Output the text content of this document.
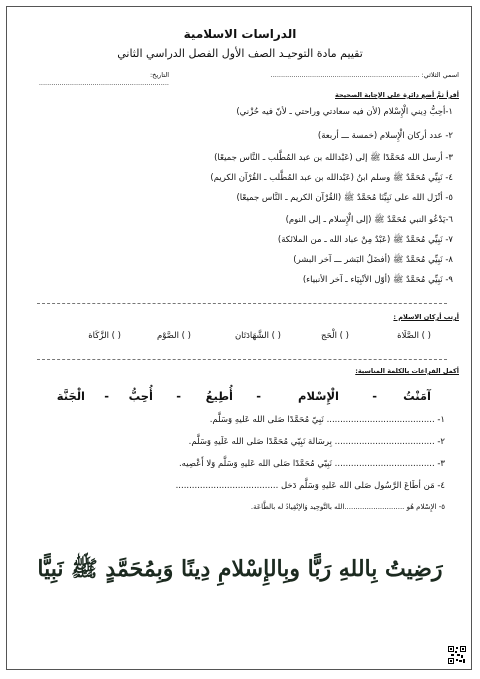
الدراسات الاسلامية
تقييم مادة التوحيـد الصف الأول الفصل الدراسي الثاني
اسمي الثلاثي: ........................................................................
التاريخ: ...............................................................
أقرأ ثمَّ أضع دائرة على الإجابة الصحيحة
١-أحِبُّ دِيني الْإِسْلام (لأن فيه سعادتي وراحتي ـ لأنّ فيه حُزْني)
٢- عدد أركان الْإِسلام (خمسة ـــ أربعة)
٣- أرسل الله مُحَمَّدًا ﷺ إلى (عَبْدالله بن عبد المُطَّلب ـ النَّاس جميعًا)
٤- نَبِيِّي مُحَمَّدٌ ﷺ وسلم ابنُ (عَبْدالله بن عبد المُطَّلب ـ القُرْآن الكريم)
٥- أنْزَل الله على نَبِيِّنَا مُحَمَّدٌ ﷺ (القُرْآن الكريم ـ النَّاس جميعًا)
٦-يَدْعُو النبي مُحَمَّدٌ ﷺ (إلى الْإِسلام ـ إلى النوم)
٧- نَبِيِّي مُحَمَّدٌ ﷺ (عَبْدٌ مِنْ عباد الله ـ من الملائكة)
٨- نَبِيِّي مُحَمَّدٌ ﷺ (أفضَلُ البَشر ـــ آخر البشر)
٩- نَبِيِّي مُحَمَّدٌ ﷺ (أوّل الأنْبِيَاء ـ آخر الأنبياء)
أرتب أركان الاسلام :
( ) الصَّلَاة
( ) الْحَج
( ) الشَّهَادَتَان
( ) الصَّوْم
( ) الزَّكَاة
أكمل الفراغات بالكلمة المناسبة:
آمَنْتُ
-
الْإِسْلام
-
أُطِيعُ
-
أُحِبُّ
-
الْجَنَّة
١- ........................................ نَبِيّ مُحَمَّدًا صَلى الله عَليهِ وَسَلَّم.
٢- ..................................... بِرسَالة نَبِيّي مُحَمَّدًا صَلى الله عَلَيهِ وَسَلَّم.
٣- ..................................... نَبِيّي مُحَمَّدًا صَلى الله عَليهِ وَسَلَّم وَلا أَعْصِيه.
٤- مَن أطَاعَ الرَّسُول صَلى الله عَليهِ وَسَلَّم دَخل ......................................
٥- الإِسْلام هُو ...........................الله بالتَّوحِيد وَالإنْقِيادُ له بالطَّاعَة.
رَضِيتُ بِاللهِ رَبًّا وبِالإِسْلامِ دِينًا وَبِمُحَمَّدٍ ﷺ نَبِيًّا
